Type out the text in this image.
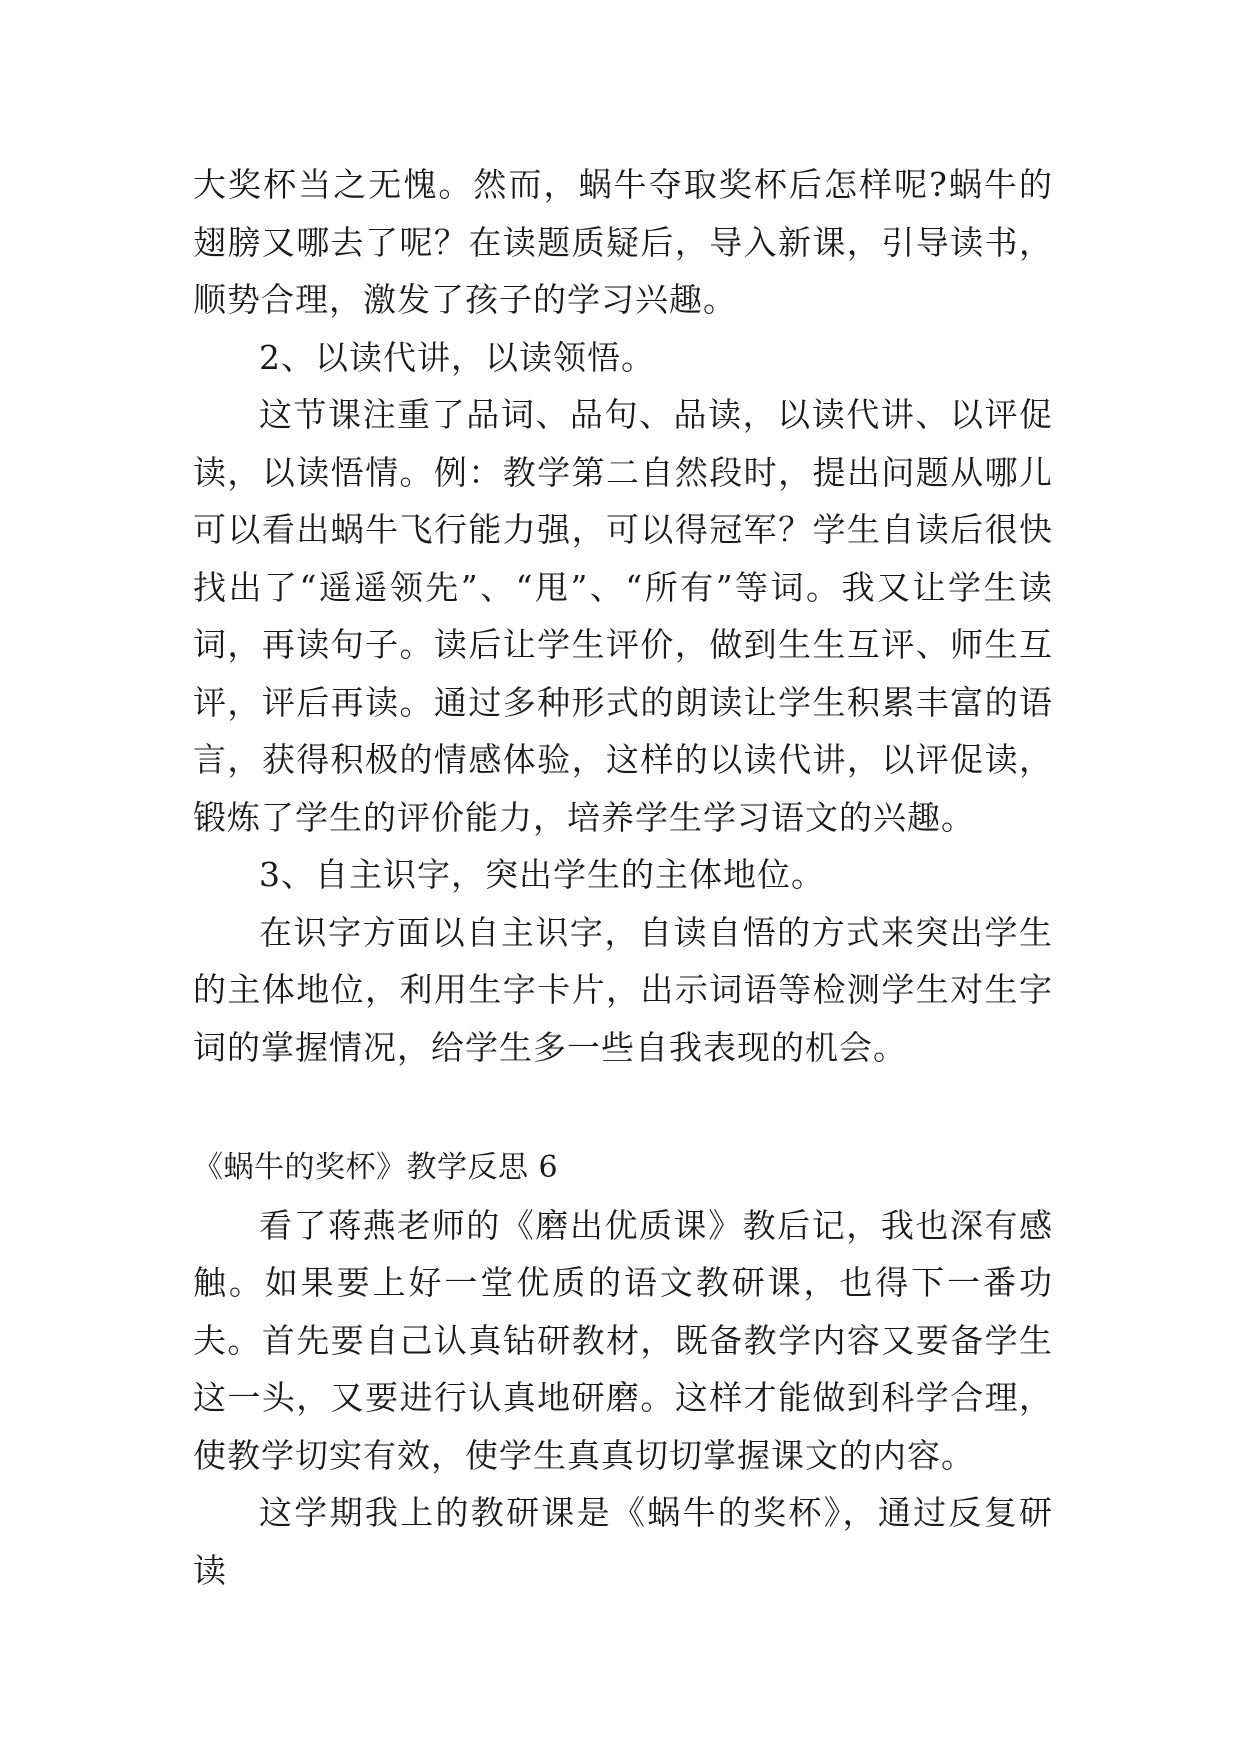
大奖杯当之无愧。然而，蜗牛夺取奖杯后怎样呢?蜗牛的翅膀又哪去了呢？在读题质疑后，导入新课，引导读书，顺势合理，激发了孩子的学习兴趣。

2、以读代讲，以读领悟。

这节课注重了品词、品句、品读，以读代讲、以评促读，以读悟情。例：教学第二自然段时，提出问题从哪儿可以看出蜗牛飞行能力强，可以得冠军？学生自读后很快找出了“遥遥领先”、“甩”、“所有”等词。我又让学生读词，再读句子。读后让学生评价，做到生生互评、师生互评，评后再读。通过多种形式的朗读让学生积累丰富的语言，获得积极的情感体验，这样的以读代讲，以评促读，锻炼了学生的评价能力，培养学生学习语文的兴趣。

3、自主识字，突出学生的主体地位。

在识字方面以自主识字，自读自悟的方式来突出学生的主体地位，利用生字卡片，出示词语等检测学生对生字词的掌握情况，给学生多一些自我表现的机会。

《蜗牛的奖杯》教学反思 6

看了蒋燕老师的《磨出优质课》教后记，我也深有感触。如果要上好一堂优质的语文教研课，也得下一番功夫。首先要自己认真钻研教材，既备教学内容又要备学生这一头，又要进行认真地研磨。这样才能做到科学合理，使教学切实有效，使学生真真切切掌握课文的内容。

这学期我上的教研课是《蜗牛的奖杯》，通过反复研读
